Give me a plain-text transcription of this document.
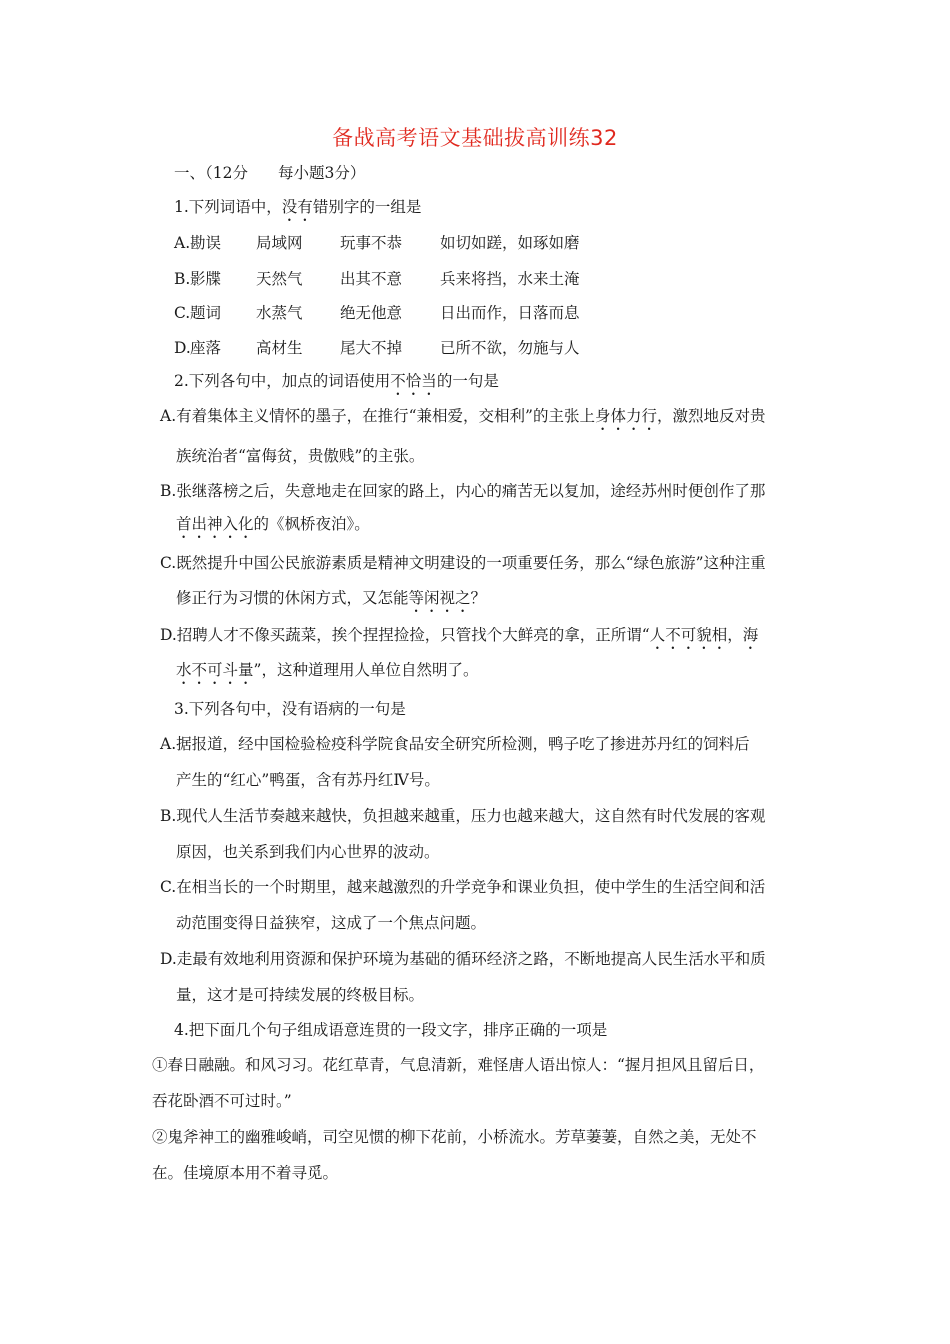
备战高考语文基础拔高训练32
一、（12分 每小题3分）
1.下列词语中，没有错别字的一组是
A. 勘误 局域网 玩事不恭 如切如蹉，如琢如磨
B. 影牒 天然气 出其不意 兵来将挡，水来土淹
C. 题词 水蒸气 绝无他意 日出而作，日落而息
D. 座落 高材生 尾大不掉 已所不欲，勿施与人
2.下列各句中，加点的词语使用不恰当的一句是
A.有着集体主义情怀的墨子，在推行“兼相爱，交相利”的主张上身体力行，激烈地反对贵
族统治者“富侮贫，贵傲贱”的主张。
B.张继落榜之后，失意地走在回家的路上，内心的痛苦无以复加，途经苏州时便创作了那
首出神入化的《枫桥夜泊》。
C.既然提升中国公民旅游素质是精神文明建设的一项重要任务，那么“绿色旅游”这种注重
修正行为习惯的休闲方式，又怎能等闲视之？
D.招聘人才不像买蔬菜，挨个捏捏捡捡，只管找个大鲜亮的拿，正所谓“人不可貌相，海
水不可斗量”，这种道理用人单位自然明了。
3.下列各句中，没有语病的一句是
A.据报道，经中国检验检疫科学院食品安全研究所检测，鸭子吃了掺进苏丹红的饲料后
产生的“红心”鸭蛋，含有苏丹红Ⅳ号。
B.现代人生活节奏越来越快，负担越来越重，压力也越来越大，这自然有时代发展的客观
原因，也关系到我们内心世界的波动。
C.在相当长的一个时期里，越来越激烈的升学竞争和课业负担，使中学生的生活空间和活
动范围变得日益狭窄，这成了一个焦点问题。
D.走最有效地利用资源和保护环境为基础的循环经济之路，不断地提高人民生活水平和质
量，这才是可持续发展的终极目标。
4.把下面几个句子组成语意连贯的一段文字，排序正确的一项是
①春日融融。和风习习。花红草青，气息清新，难怪唐人语出惊人：“握月担风且留后日，
吞花卧酒不可过时。”
②鬼斧神工的幽雅峻峭，司空见惯的柳下花前，小桥流水。芳草萋萋，自然之美，无处不
在。佳境原本用不着寻觅。
